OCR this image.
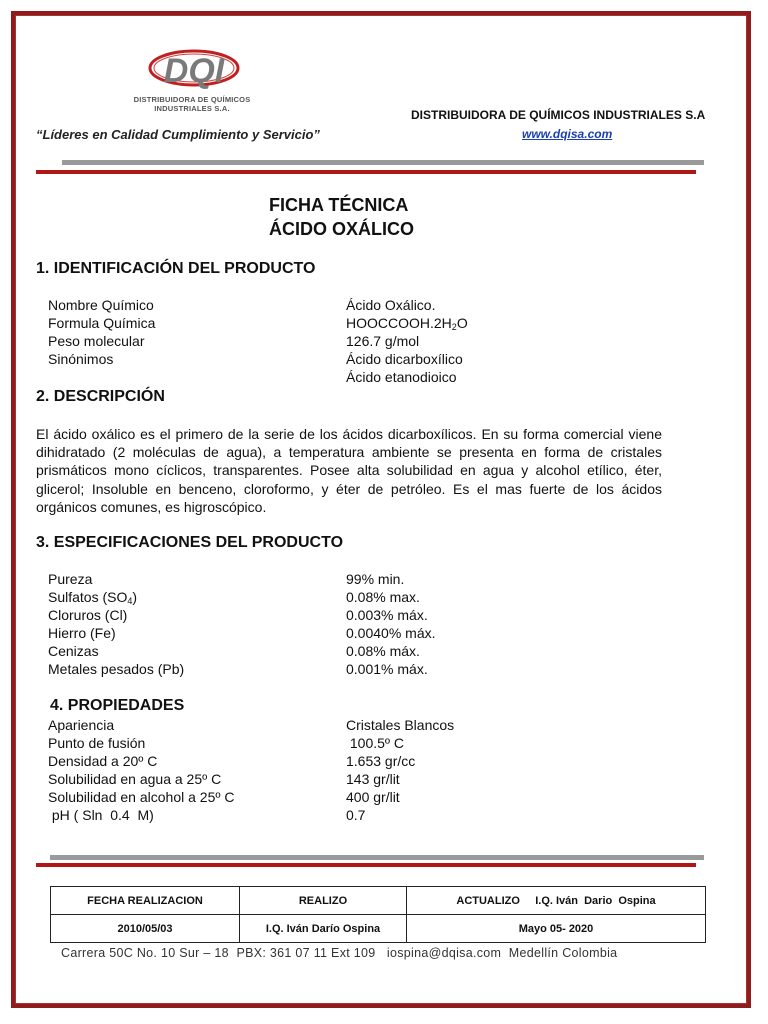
DQI
DISTRIBUIDORA DE QUÍMICOS
INDUSTRIALES S.A.
“Líderes en Calidad Cumplimiento y Servicio”
DISTRIBUIDORA DE QUÍMICOS INDUSTRIALES S.A
www.dqisa.com
FICHA TÉCNICA
ÁCIDO OXÁLICO
1. IDENTIFICACIÓN DEL PRODUCTO
Nombre Químico	Ácido Oxálico.
Formula Química	$HOOCCOOH.2H_2O$
Peso molecular	126.7 g/mol
Sinónimos	Ácido dicarboxílico
Ácido etanodioico
2. DESCRIPCIÓN
El ácido oxálico es el primero de la serie de los ácidos dicarboxílicos. En su forma comercial viene dihidratado (2 moléculas de agua), a temperatura ambiente se presenta en forma de cristales prismáticos mono cíclicos, transparentes. Posee alta solubilidad en agua y alcohol etílico, éter, glicerol; Insoluble en benceno, cloroformo, y éter de petróleo. Es el mas fuerte de los ácidos orgánicos comunes, es higroscópico.
3. ESPECIFICACIONES DEL PRODUCTO
Pureza	99% min.
Sulfatos $(SO_4)$	0.08% max.
Cloruros (Cl)	0.003% máx.
Hierro (Fe)	0.0040% máx.
Cenizas	0.08% máx.
Metales pesados (Pb)	0.001% máx.
4. PROPIEDADES
Apariencia	Cristales Blancos
Punto de fusión	100.5º C
Densidad a 20º C	1.653 gr/cc
Solubilidad en agua a 25º C	143 gr/lit
Solubilidad en alcohol a 25º C	400 gr/lit
pH ( Sln  0.4  M)	0.7
FECHA REALIZACION	REALIZO	ACTUALIZO     I.Q. Iván  Dario  Ospina
2010/05/03	I.Q. Iván Darío Ospina	Mayo 05- 2020
Carrera 50C No. 10 Sur – 18  PBX: 361 07 11 Ext 109   iospina@dqisa.com  Medellín Colombia
